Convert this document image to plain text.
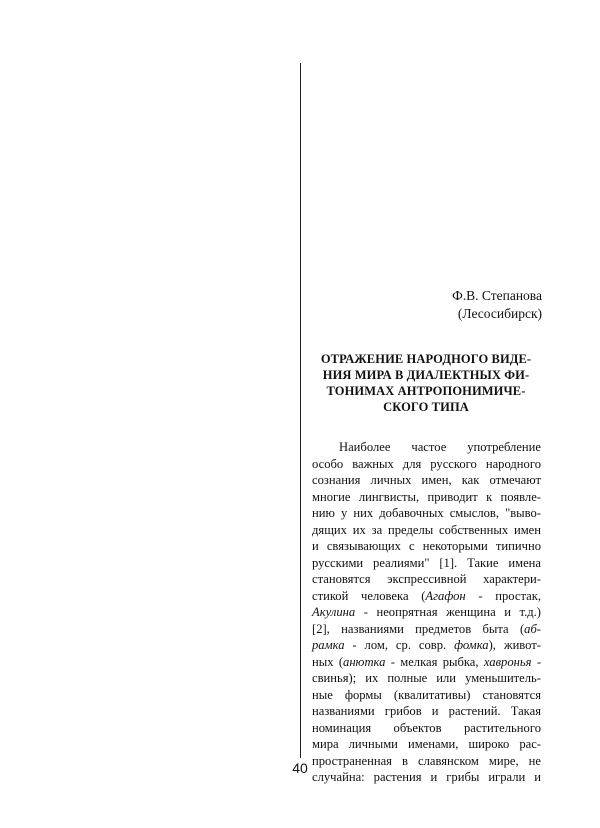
Ф.В. Степанова
(Лесосибирск)
ОТРАЖЕНИЕ НАРОДНОГО ВИДЕ-
НИЯ МИРА В ДИАЛЕКТНЫХ ФИ-
ТОНИМАХ АНТРОПОНИМИЧЕ-
СКОГО ТИПА
Наиболее частое употребление
особо важных для русского народного
сознания личных имен, как отмечают
многие лингвисты, приводит к появле-
нию у них добавочных смыслов, "выво-
дящих их за пределы собственных имен
и связывающих с некоторыми типично
русскими реалиями" [1]. Такие имена
становятся экспрессивной характери-
стикой человека (Агафон - простак,
Акулина - неопрятная женщина и т.д.)
[2], названиями предметов быта (аб-
рамка - лом, ср. совр. фомка), живот-
ных (анютка - мелкая рыбка, хавронья -
свинья); их полные или уменьшитель-
ные формы (квалитативы) становятся
названиями грибов и растений. Такая
номинация объектов растительного
мира личными именами, широко рас-
пространенная в славянском мире, не
случайна: растения и грибы играли и
40
